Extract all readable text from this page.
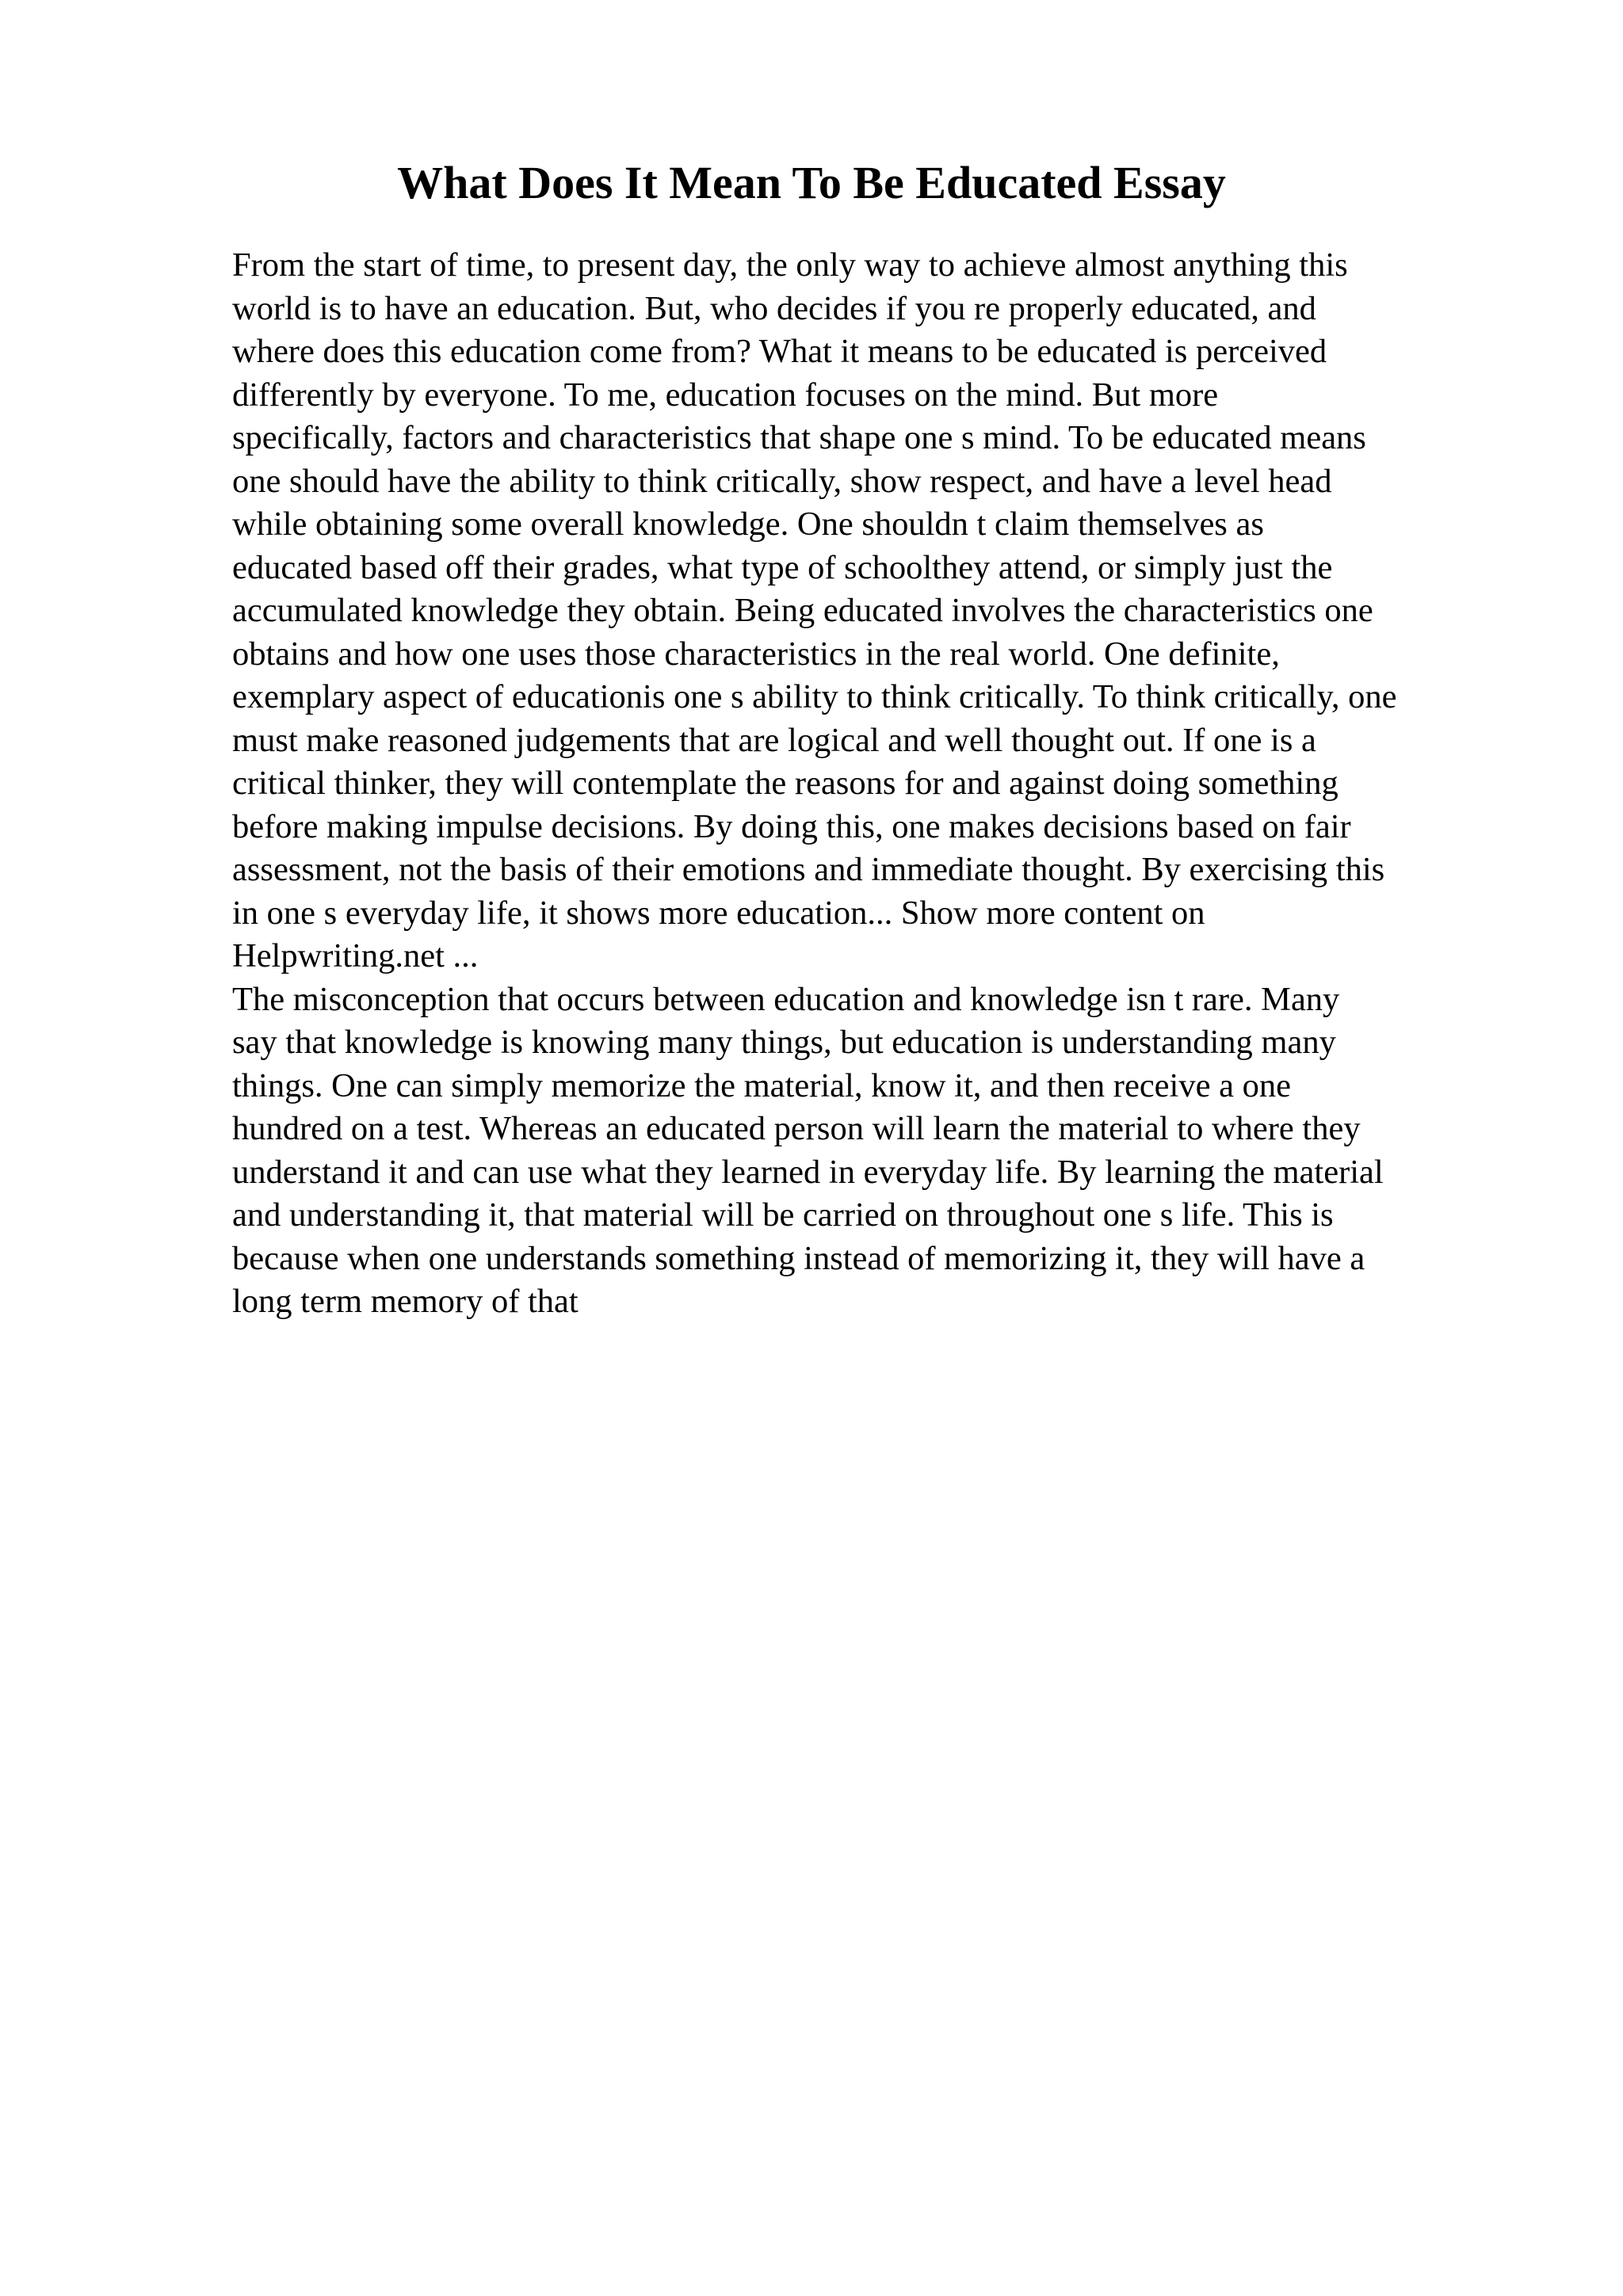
What Does It Mean To Be Educated Essay
From the start of time, to present day, the only way to achieve almost anything this
world is to have an education. But, who decides if you re properly educated, and
where does this education come from? What it means to be educated is perceived
differently by everyone. To me, education focuses on the mind. But more
specifically, factors and characteristics that shape one s mind. To be educated means
one should have the ability to think critically, show respect, and have a level head
while obtaining some overall knowledge. One shouldn t claim themselves as
educated based off their grades, what type of schoolthey attend, or simply just the
accumulated knowledge they obtain. Being educated involves the characteristics one
obtains and how one uses those characteristics in the real world. One definite,
exemplary aspect of educationis one s ability to think critically. To think critically, one
must make reasoned judgements that are logical and well thought out. If one is a
critical thinker, they will contemplate the reasons for and against doing something
before making impulse decisions. By doing this, one makes decisions based on fair
assessment, not the basis of their emotions and immediate thought. By exercising this
in one s everyday life, it shows more education... Show more content on
Helpwriting.net ...
The misconception that occurs between education and knowledge isn t rare. Many
say that knowledge is knowing many things, but education is understanding many
things. One can simply memorize the material, know it, and then receive a one
hundred on a test. Whereas an educated person will learn the material to where they
understand it and can use what they learned in everyday life. By learning the material
and understanding it, that material will be carried on throughout one s life. This is
because when one understands something instead of memorizing it, they will have a
long term memory of that
